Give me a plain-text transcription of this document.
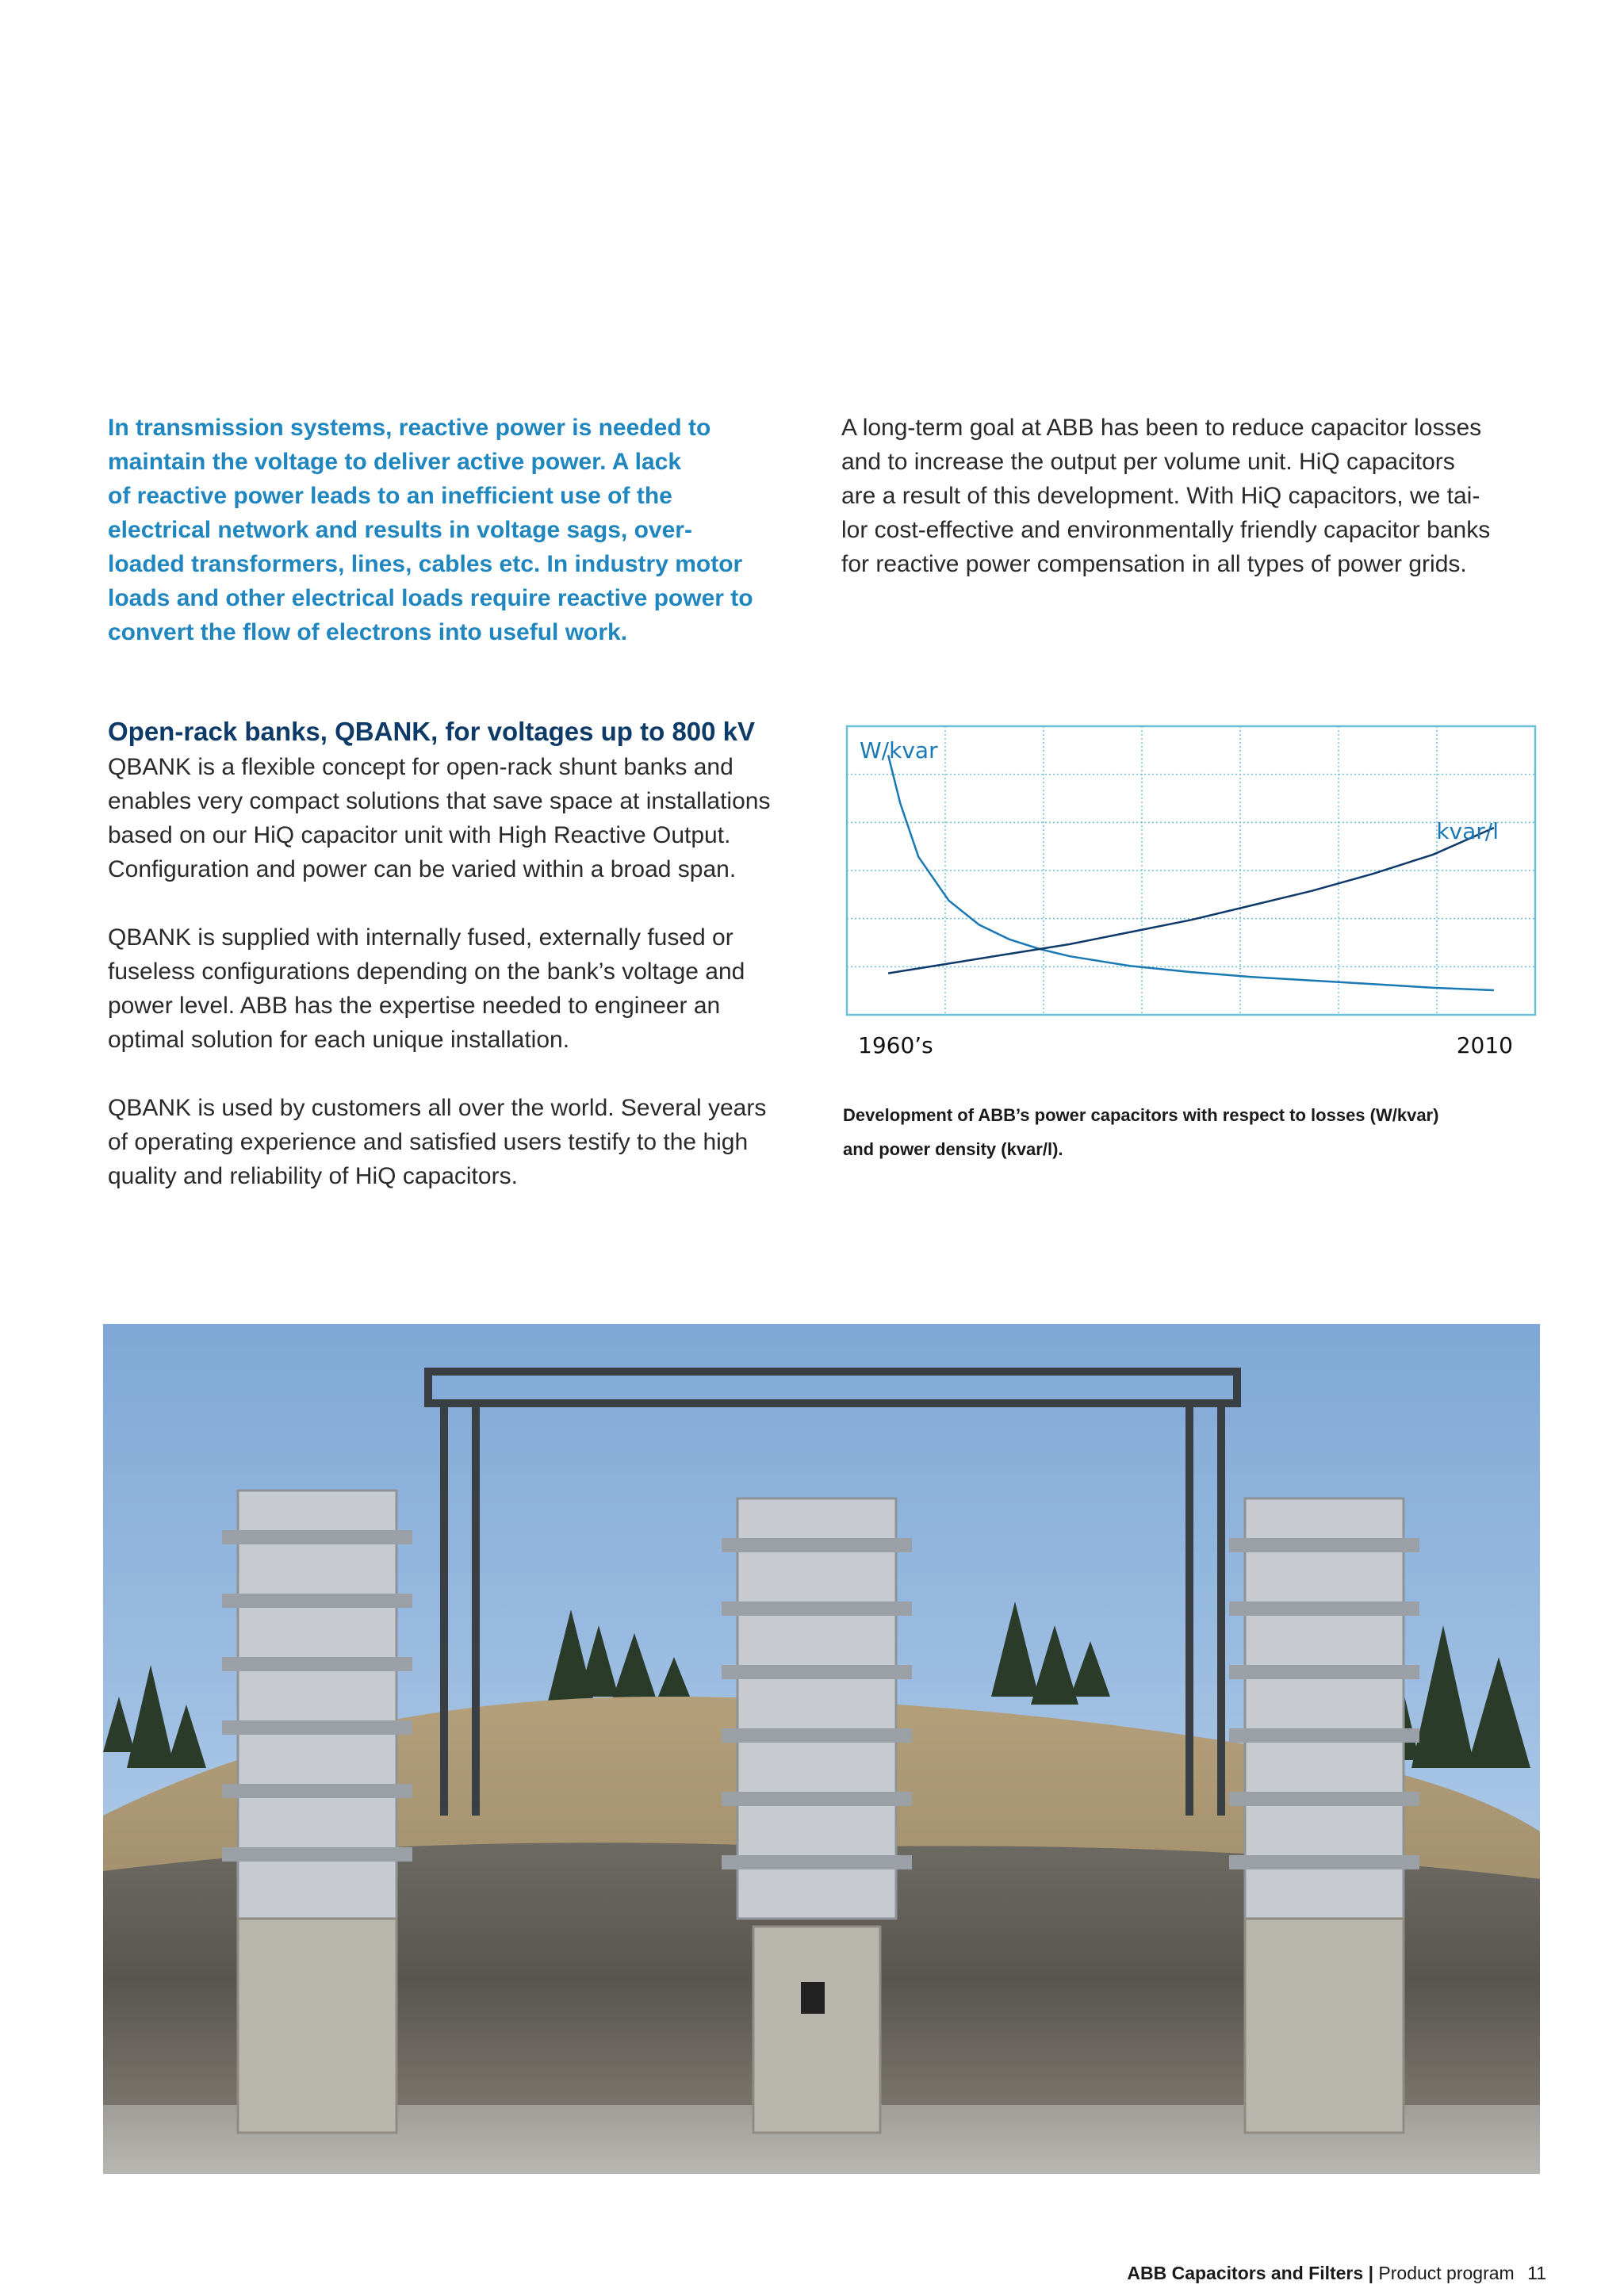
In transmission systems, reactive power is needed to
maintain the voltage to deliver active power. A lack
of reactive power leads to an inefficient use of the
electrical network and results in voltage sags, over-
loaded transformers, lines, cables etc. In industry motor
loads and other electrical loads require reactive power to
convert the flow of electrons into useful work.
A long-term goal at ABB has been to reduce capacitor losses
and to increase the output per volume unit. HiQ capacitors
are a result of this development. With HiQ capacitors, we tai-
lor cost-effective and environmentally friendly capacitor banks
for reactive power compensation in all types of power grids.
Open-rack banks, QBANK, for voltages up to 800 kV

QBANK is a flexible concept for open-rack shunt banks and
enables very compact solutions that save space at installations
based on our HiQ capacitor unit with High Reactive Output.
Configuration and power can be varied within a broad span.

QBANK is supplied with internally fused, externally fused or
fuseless configurations depending on the bank’s voltage and
power level. ABB has the expertise needed to engineer an
optimal solution for each unique installation.

QBANK is used by customers all over the world. Several years
of operating experience and satisfied users testify to the high
quality and reliability of HiQ capacitors.

W/kvar
kvar/l
1960’s	2010
Development of ABB’s power capacitors with respect to losses (W/kvar)
and power density (kvar/l).
ABB Capacitors and Filters | Product program 11
